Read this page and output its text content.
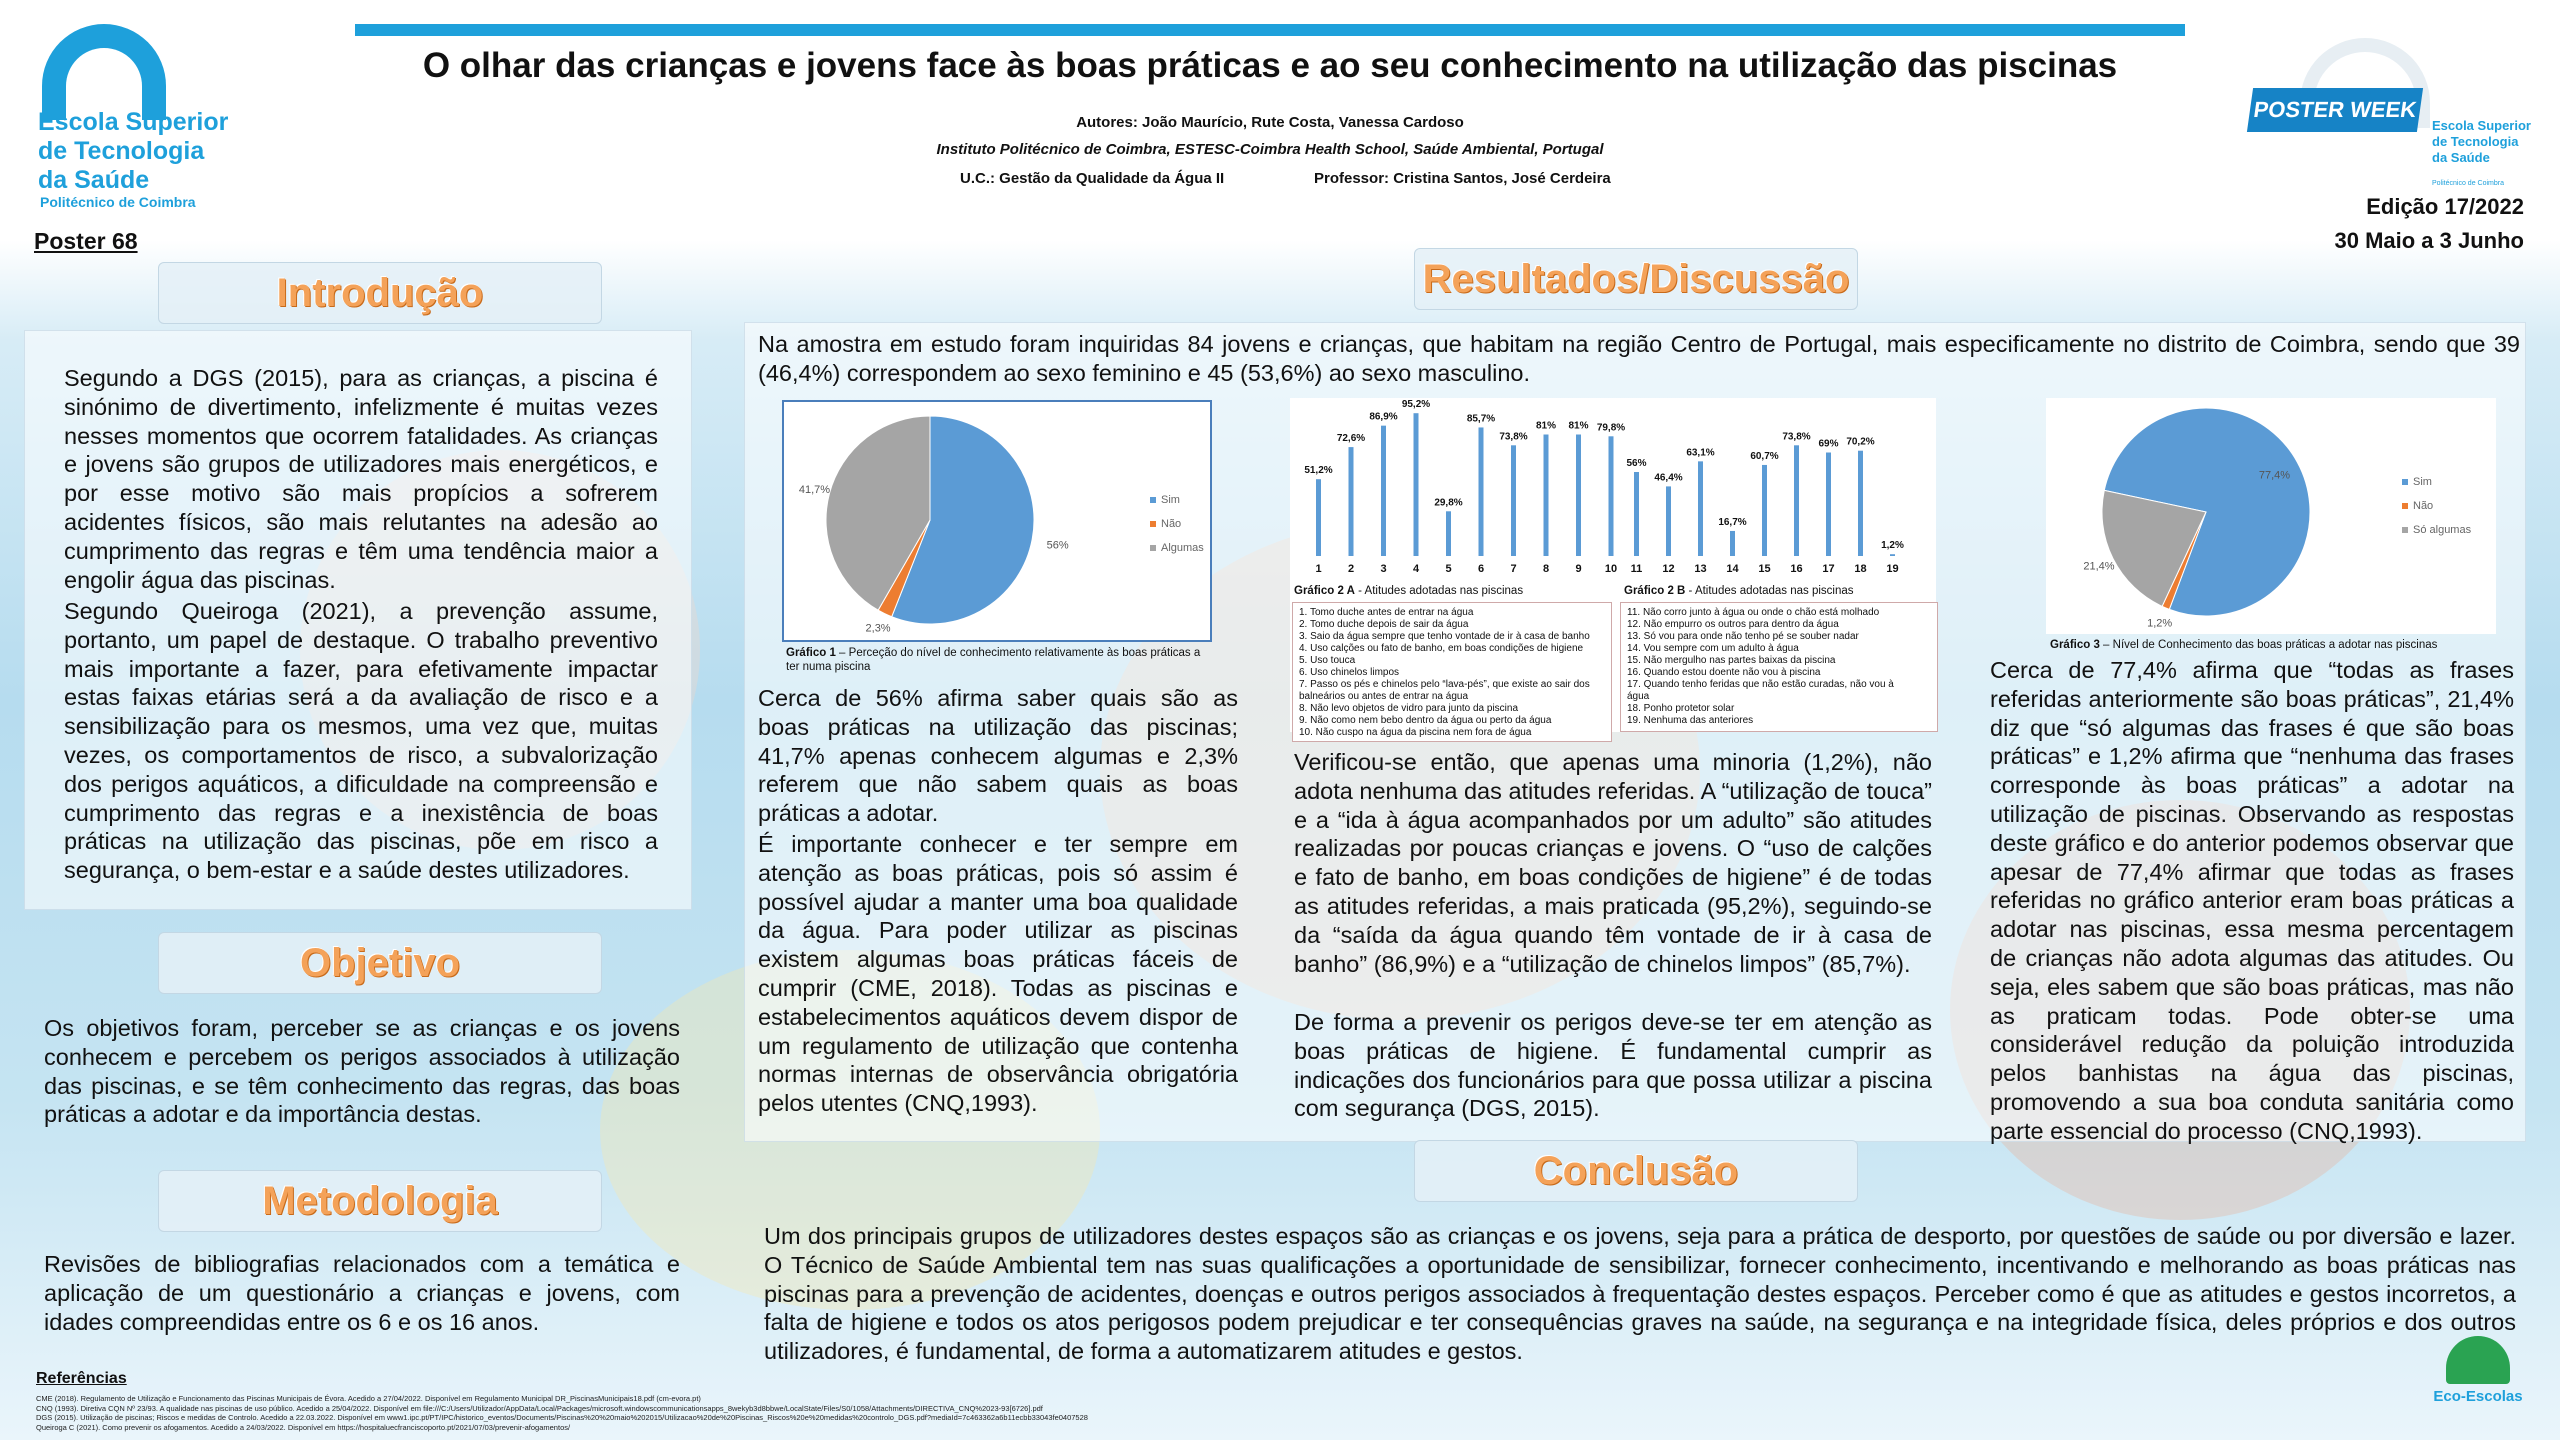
O olhar das crianças e jovens face às boas práticas e ao seu conhecimento na utilização das piscinas
Autores: João Maurício, Rute Costa, Vanessa Cardoso
Instituto Politécnico de Coimbra, ESTESC-Coimbra Health School, Saúde Ambiental, Portugal
U.C.: Gestão da Qualidade da Água II	Professor: Cristina Santos, José Cerdeira
Escola Superior
de Tecnologia
da Saúde
Politécnico de Coimbra
POSTER WEEK
Escola Superior
de Tecnologia
da Saúde
Politécnico de Coimbra
Edição 17/2022
30 Maio a 3 Junho
Poster 68
Introdução
Segundo a DGS (2015), para as crianças, a piscina é sinónimo de divertimento, infelizmente é muitas vezes nesses momentos que ocorrem fatalidades. As crianças e jovens são grupos de utilizadores mais energéticos, e por esse motivo são mais propícios a sofrerem acidentes físicos, são mais relutantes na adesão ao cumprimento das regras e têm uma tendência maior a engolir água das piscinas.
Segundo Queiroga (2021), a prevenção assume, portanto, um papel de destaque. O trabalho preventivo mais importante a fazer, para efetivamente impactar estas faixas etárias será a da avaliação de risco e a sensibilização para os mesmos, uma vez que, muitas vezes, os comportamentos de risco, a subvalorização dos perigos aquáticos, a dificuldade na compreensão e cumprimento das regras e a inexistência de boas práticas na utilização das piscinas, põe em risco a segurança, o bem-estar e a saúde destes utilizadores.
Objetivo
Os objetivos foram, perceber se as crianças e os jovens conhecem e percebem os perigos associados à utilização das piscinas, e se têm conhecimento das regras, das boas práticas a adotar e da importância destas.
Metodologia
Revisões de bibliografias relacionados com a temática e aplicação de um questionário a crianças e jovens, com idades compreendidas entre os 6 e os 16 anos.
Resultados/Discussão
Na amostra em estudo foram inquiridas 84 jovens e crianças, que habitam na região Centro de Portugal, mais especificamente no distrito de Coimbra, sendo que 39 (46,4%) correspondem ao sexo feminino e 45 (53,6%) ao sexo masculino.
56%
2,3%
41,7%
Sim
Não
Algumas
Gráfico 1 – Perceção do nível de conhecimento relativamente às boas práticas a ter numa piscina
Cerca de 56% afirma saber quais são as boas práticas na utilização das piscinas; 41,7% apenas conhecem algumas e 2,3% referem que não sabem quais as boas práticas a adotar.
É importante conhecer e ter sempre em atenção as boas práticas, pois só assim é possível ajudar a manter uma boa qualidade da água. Para poder utilizar as piscinas existem algumas boas práticas fáceis de cumprir (CME, 2018). Todas as piscinas e estabelecimentos aquáticos devem dispor de um regulamento de utilização que contenha normas internas de observância obrigatória pelos utentes (CNQ,1993).
51,2%
1
72,6%
2
86,9%
3
95,2%
4
29,8%
5
85,7%
6
73,8%
7
81%
8
81%
9
79,8%
10
56%
11
46,4%
12
63,1%
13
16,7%
14
60,7%
15
73,8%
16
69%
17
70,2%
18
1,2%
19
Gráfico 2 A - Atitudes adotadas nas piscinas	Gráfico 2 B - Atitudes adotadas nas piscinas
1. Tomo duche antes de entrar na água
2. Tomo duche depois de sair da água
3. Saio da água sempre que tenho vontade de ir à casa de banho
4. Uso calções ou fato de banho, em boas condições de higiene
5. Uso touca
6. Uso chinelos limpos
7. Passo os pés e chinelos pelo “lava-pés”, que existe ao sair dos
balneários ou antes de entrar na água
8. Não levo objetos de vidro para junto da piscina
9. Não como nem bebo dentro da água ou perto da água
10. Não cuspo na água da piscina nem fora de água
11. Não corro junto à água ou onde o chão está molhado
12. Não empurro os outros para dentro da água
13. Só vou para onde não tenho pé se souber nadar
14. Vou sempre com um adulto à água
15. Não mergulho nas partes baixas da piscina
16. Quando estou doente não vou à piscina
17. Quando tenho feridas que não estão curadas, não vou à
água
18. Ponho protetor solar
19. Nenhuma das anteriores
Verificou-se então, que apenas uma minoria (1,2%), não adota nenhuma das atitudes referidas. A “utilização de touca” e a “ida à água acompanhados por um adulto” são atitudes realizadas por poucas crianças e jovens. O “uso de calções e fato de banho, em boas condições de higiene” é de todas as atitudes referidas, a mais praticada (95,2%), seguindo-se da “saída da água quando têm vontade de ir à casa de banho” (86,9%) e a “utilização de chinelos limpos” (85,7%).
De forma a prevenir os perigos deve-se ter em atenção as boas práticas de higiene. É fundamental cumprir as indicações dos funcionários para que possa utilizar a piscina com segurança (DGS, 2015).
77,4%
1,2%
21,4%
Sim
Não
Só algumas
Gráfico 3 – Nível de Conhecimento das boas práticas a adotar nas piscinas
Cerca de 77,4% afirma que “todas as frases referidas anteriormente são boas práticas”, 21,4% diz que “só algumas das frases é que são boas práticas” e 1,2% afirma que “nenhuma das frases corresponde às boas práticas” a adotar na utilização de piscinas. Observando as respostas deste gráfico e do anterior podemos observar que apesar de 77,4% afirmar que todas as frases referidas no gráfico anterior eram boas práticas a adotar nas piscinas, essa mesma percentagem de crianças não adota algumas das atitudes. Ou seja, eles sabem que são boas práticas, mas não as praticam todas. Pode obter-se uma considerável redução da poluição introduzida pelos banhistas na água das piscinas, promovendo a sua boa conduta sanitária como parte essencial do processo (CNQ,1993).
Conclusão
Um dos principais grupos de utilizadores destes espaços são as crianças e os jovens, seja para a prática de desporto, por questões de saúde ou por diversão e lazer. O Técnico de Saúde Ambiental tem nas suas qualificações a oportunidade de sensibilizar, fornecer conhecimento, incentivando e melhorando as boas práticas nas piscinas para a prevenção de acidentes, doenças e outros perigos associados à frequentação destes espaços. Perceber como é que as atitudes e gestos incorretos, a falta de higiene e todos os atos perigosos podem prejudicar e ter consequências graves na saúde, na segurança e na integridade física, deles próprios e dos outros utilizadores, é fundamental, de forma a automatizarem atitudes e gestos.
Referências
CME (2018). Regulamento de Utilização e Funcionamento das Piscinas Municipais de Évora. Acedido a 27/04/2022. Disponível em Regulamento Municipal DR_PiscinasMunicipais18.pdf (cm-evora.pt)
CNQ (1993). Diretiva CQN Nº 23/93. A qualidade nas piscinas de uso público. Acedido a 25/04/2022. Disponível em file:///C:/Users/Utilizador/AppData/Local/Packages/microsoft.windowscommunicationsapps_8wekyb3d8bbwe/LocalState/Files/S0/1058/Attachments/DIRECTIVA_CNQ%2023-93[6726].pdf
DGS (2015). Utilização de piscinas; Riscos e medidas de Controlo. Acedido a 22.03.2022. Disponível em www1.ipc.pt/PT/IPC/historico_eventos/Documents/Piscinas%20%20maio%202015/Utilizacao%20de%20Piscinas_Riscos%20e%20medidas%20controlo_DGS.pdf?mediaId=7c463362a6b11ecbb33043fe0407528
Queiroga C (2021). Como prevenir os afogamentos. Acedido a 24/03/2022. Disponível em https://hospitaluecfranciscoporto.pt/2021/07/03/prevenir-afogamentos/
Eco-Escolas
